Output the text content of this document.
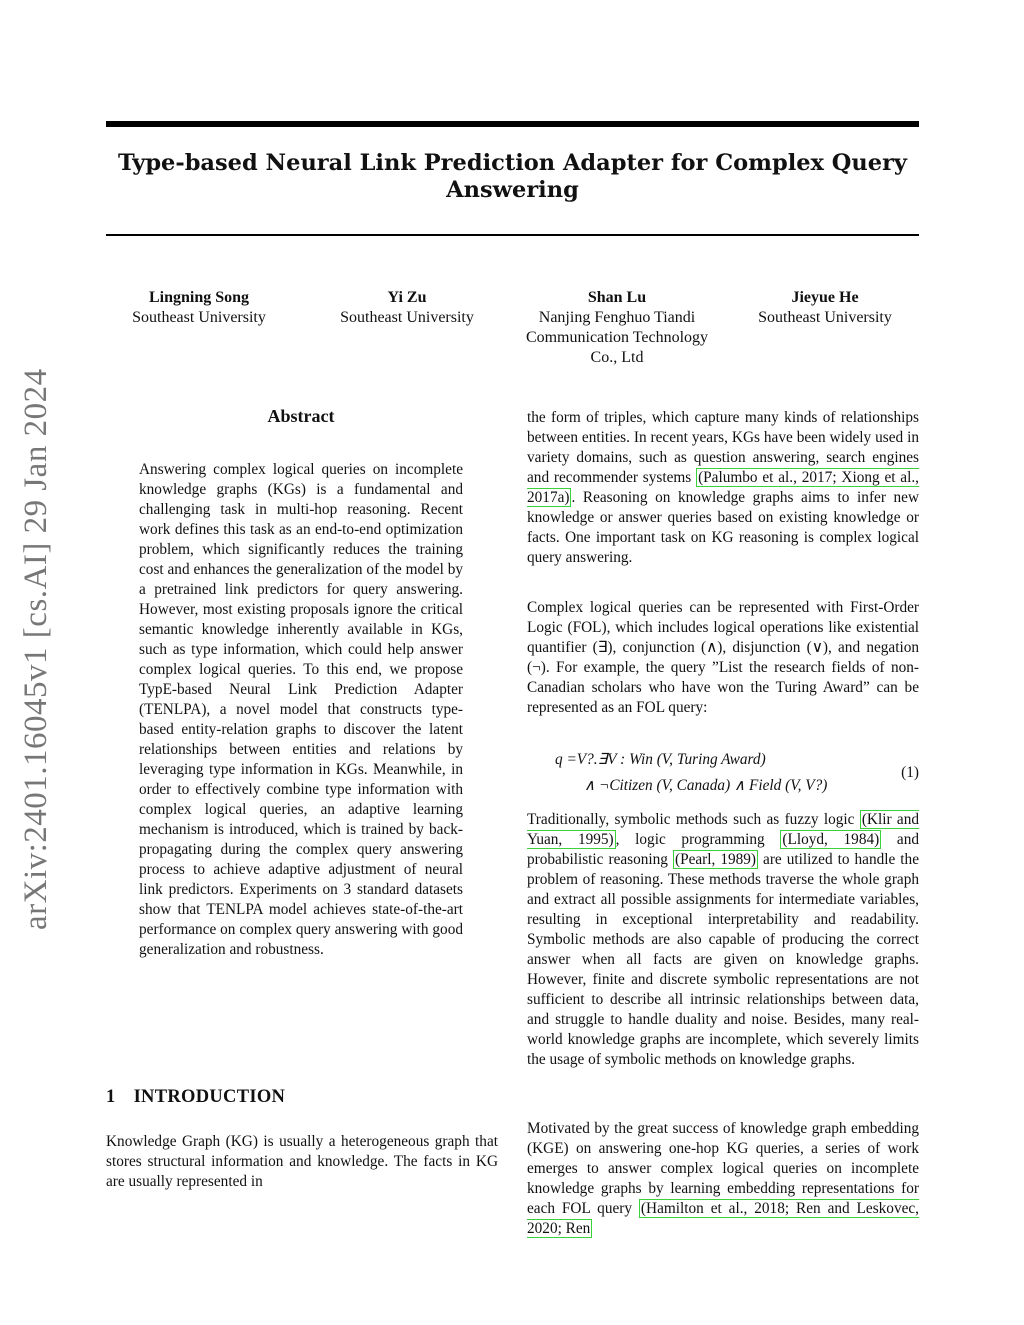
Type-based Neural Link Prediction Adapter for Complex Query Answering
arXiv:2401.16045v1 [cs.AI] 29 Jan 2024
Lingning Song
Southeast University
Yi Zu
Southeast University
Shan Lu
Nanjing Fenghuo Tiandi Communication Technology Co., Ltd
Jieyue He
Southeast University
Abstract
Answering complex logical queries on incomplete knowledge graphs (KGs) is a fundamental and challenging task in multi-hop reasoning. Recent work defines this task as an end-to-end optimization problem, which significantly reduces the training cost and enhances the generalization of the model by a pretrained link predictors for query answering. However, most existing proposals ignore the critical semantic knowledge inherently available in KGs, such as type information, which could help answer complex logical queries. To this end, we propose TypE-based Neural Link Prediction Adapter (TENLPA), a novel model that constructs type-based entity-relation graphs to discover the latent relationships between entities and relations by leveraging type information in KGs. Meanwhile, in order to effectively combine type information with complex logical queries, an adaptive learning mechanism is introduced, which is trained by back-propagating during the complex query answering process to achieve adaptive adjustment of neural link predictors. Experiments on 3 standard datasets show that TENLPA model achieves state-of-the-art performance on complex query answering with good generalization and robustness.
1 INTRODUCTION
Knowledge Graph (KG) is usually a heterogeneous graph that stores structural information and knowledge. The facts in KG are usually represented in
the form of triples, which capture many kinds of relationships between entities. In recent years, KGs have been widely used in variety domains, such as question answering, search engines and recommender systems (Palumbo et al., 2017; Xiong et al., 2017a) . Reasoning on knowledge graphs aims to infer new knowledge or answer queries based on existing knowledge or facts. One important task on KG reasoning is complex logical query answering.
Complex logical queries can be represented with First-Order Logic (FOL), which includes logical operations like existential quantifier (∃), conjunction (∧), disjunction (∨), and negation (¬). For example, the query ”List the research fields of non-Canadian scholars who have won the Turing Award” can be represented as an FOL query:
q =V?.∃V : Win (V, Turing Award)
∧ ¬Citizen (V, Canada) ∧ Field (V, V?)
(1)
Traditionally, symbolic methods such as fuzzy logic (Klir and Yuan, 1995) , logic programming (Lloyd, 1984) and probabilistic reasoning (Pearl, 1989) are utilized to handle the problem of reasoning. These methods traverse the whole graph and extract all possible assignments for intermediate variables, resulting in exceptional interpretability and readability. Symbolic methods are also capable of producing the correct answer when all facts are given on knowledge graphs. However, finite and discrete symbolic representations are not sufficient to describe all intrinsic relationships between data, and struggle to handle duality and noise. Besides, many real-world knowledge graphs are incomplete, which severely limits the usage of symbolic methods on knowledge graphs.
Motivated by the great success of knowledge graph embedding (KGE) on answering one-hop KG queries, a series of work emerges to answer complex logical queries on incomplete knowledge graphs by learning embedding representations for each FOL query (Hamilton et al., 2018; Ren and Leskovec, 2020; Ren
